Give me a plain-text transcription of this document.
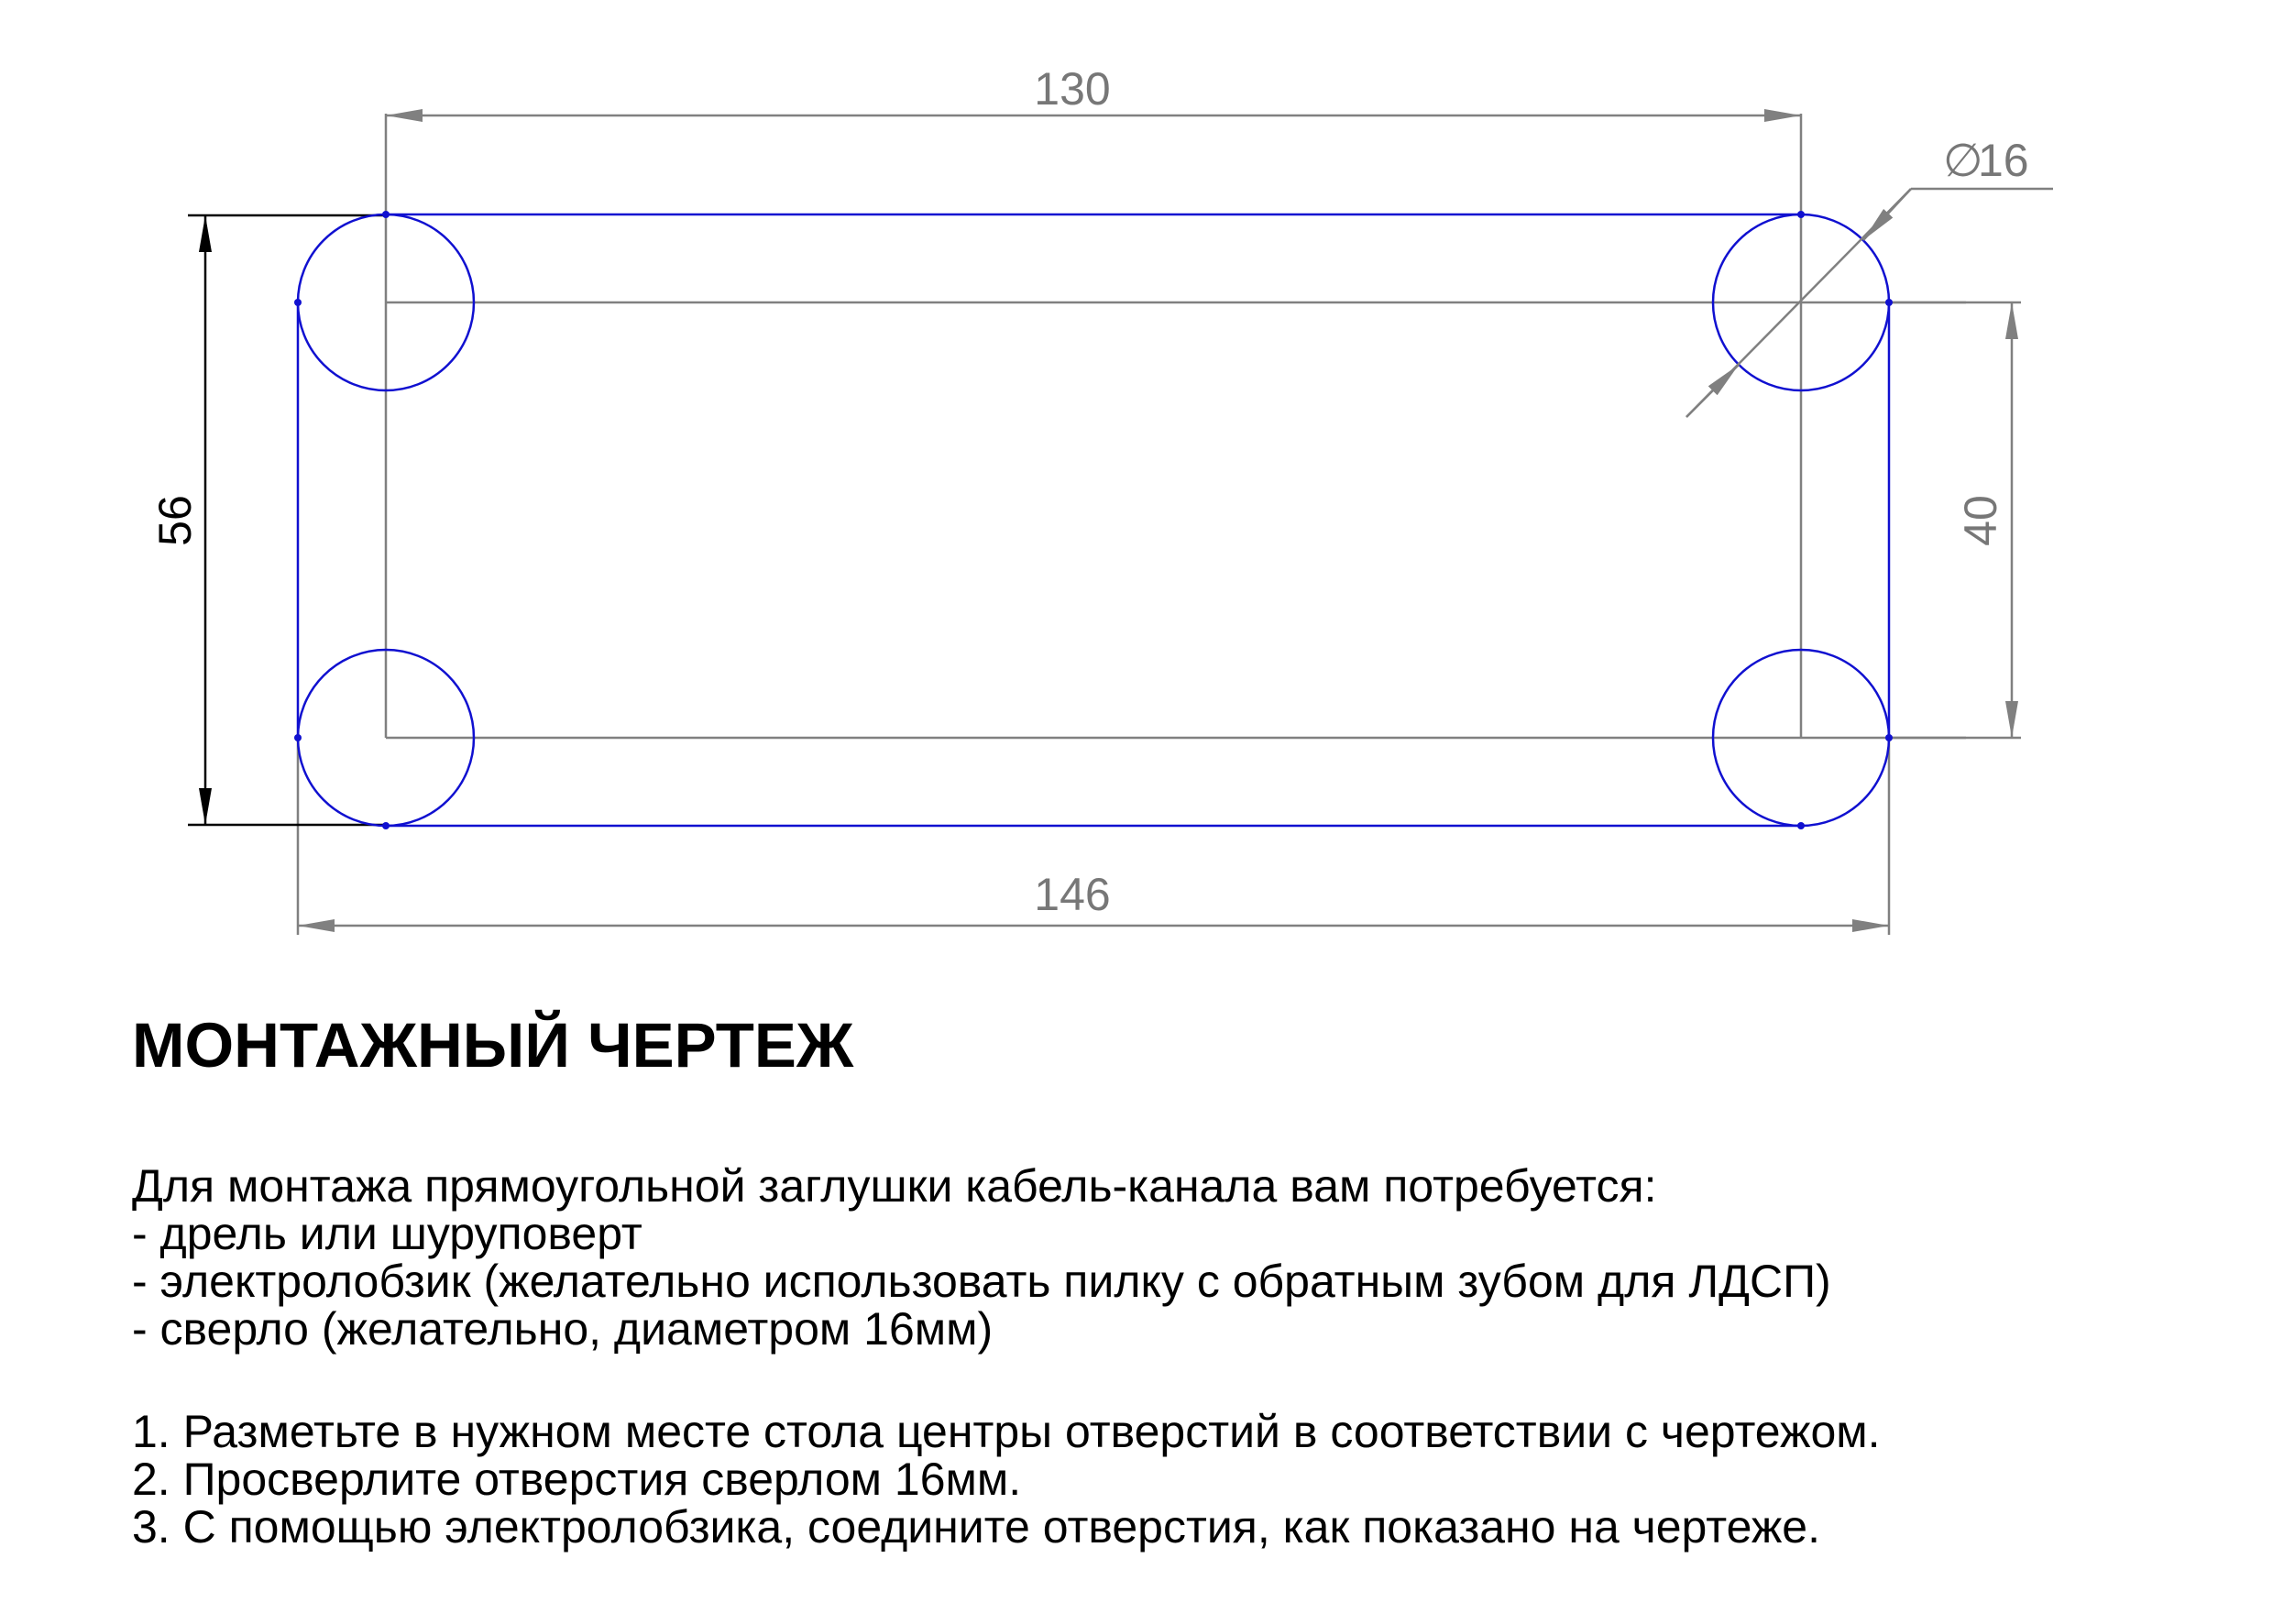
130
146
56	40
∅
16
МОНТАЖНЫЙ ЧЕРТЕЖ
Для монтажа прямоугольной заглушки кабель-канала вам потребуется:
- дрель или шуруповерт
- электролобзик (желательно использовать пилку с обратным зубом для ЛДСП)
- сверло (желательно, диаметром 16мм)
1. Разметьте в нужном месте стола центры отверстий в соответствии с чертежом.
2. Просверлите отверстия сверлом 16мм.
3. С помощью электролобзика, соедините отверстия, как показано на чертеже.
